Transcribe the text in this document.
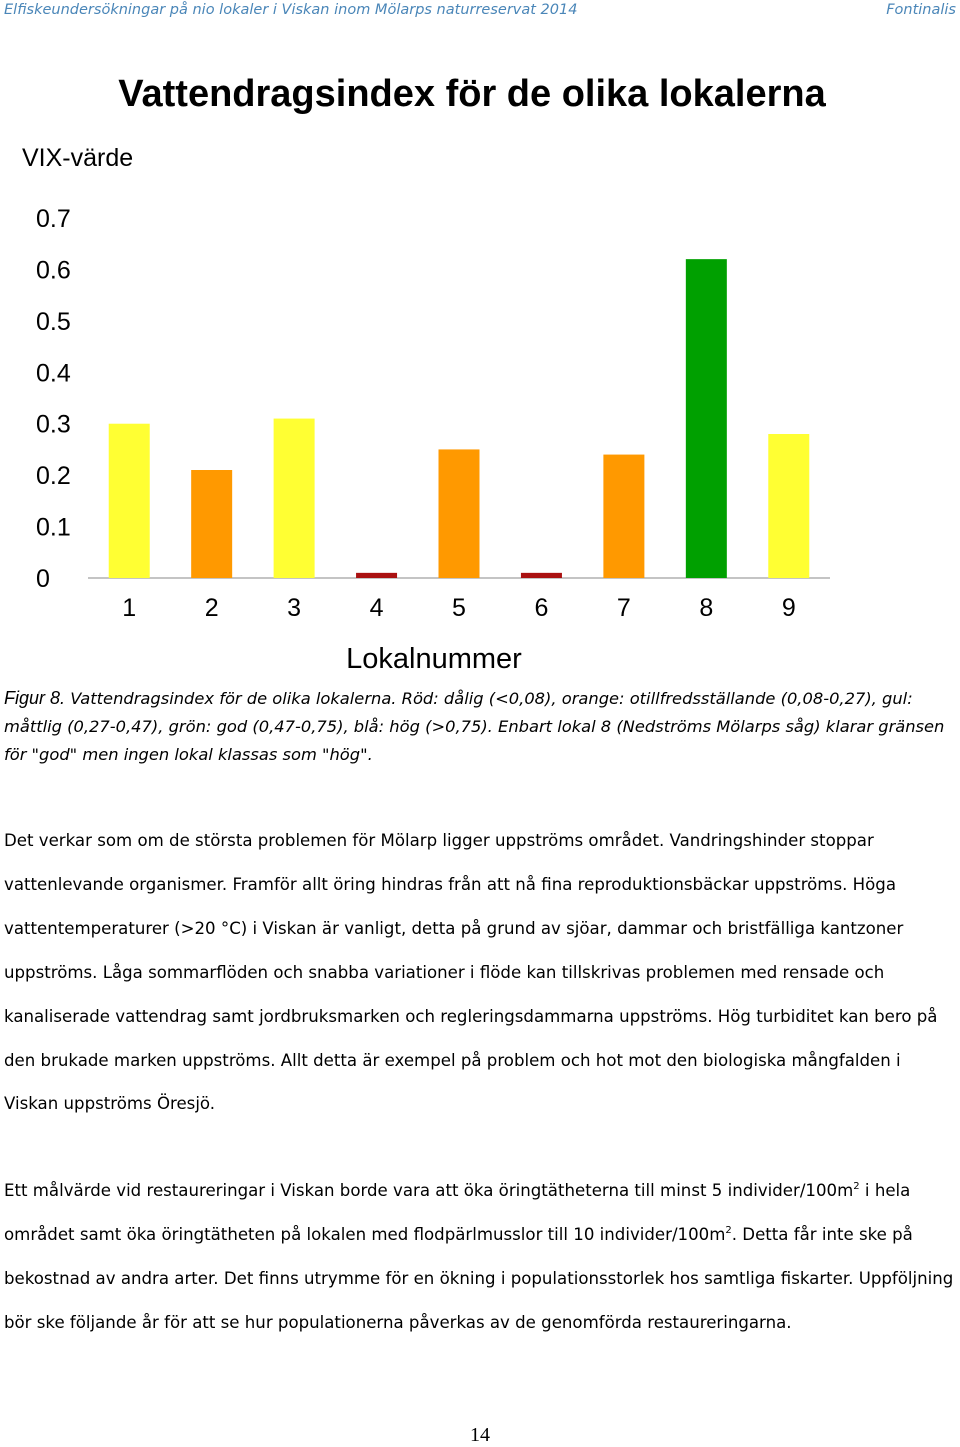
Elfiskeundersökningar på nio lokaler i Viskan inom Mölarps naturreservat 2014	Fontinalis
Vattendragsindex för de olika lokalerna
VIX-värde
Lokalnummer
0
0.1
0.2
0.3
0.4
0.5
0.6
0.7
1	2	3	4	5	6	7	8	9
Figur 8. Vattendragsindex för de olika lokalerna. Röd: dålig (<0,08), orange: otillfredsställande (0,08-0,27), gul: måttlig (0,27-0,47), grön: god (0,47-0,75), blå: hög (>0,75). Enbart lokal 8 (Nedströms Mölarps såg) klarar gränsen för "god" men ingen lokal klassas som "hög".
Det verkar som om de största problemen för Mölarp ligger uppströms området. Vandringshinder stoppar vattenlevande organismer. Framför allt öring hindras från att nå fina reproduktionsbäckar uppströms. Höga vattentemperaturer (>20 °C) i Viskan är vanligt, detta på grund av sjöar, dammar och bristfälliga kantzoner uppströms. Låga sommarflöden och snabba variationer i flöde kan tillskrivas problemen med rensade och kanaliserade vattendrag samt jordbruksmarken och regleringsdammarna uppströms. Hög turbiditet kan bero på den brukade marken uppströms. Allt detta är exempel på problem och hot mot den biologiska mångfalden i Viskan uppströms Öresjö.
Ett målvärde vid restaureringar i Viskan borde vara att öka öringtätheterna till minst 5 individer/$100m^2$ i hela området samt öka öringtätheten på lokalen med flodpärlmusslor till 10 individer/$100m^2$. Detta får inte ske på bekostnad av andra arter. Det finns utrymme för en ökning i populationsstorlek hos samtliga fiskarter. Uppföljning bör ske följande år för att se hur populationerna påverkas av de genomförda restaureringarna.
14
